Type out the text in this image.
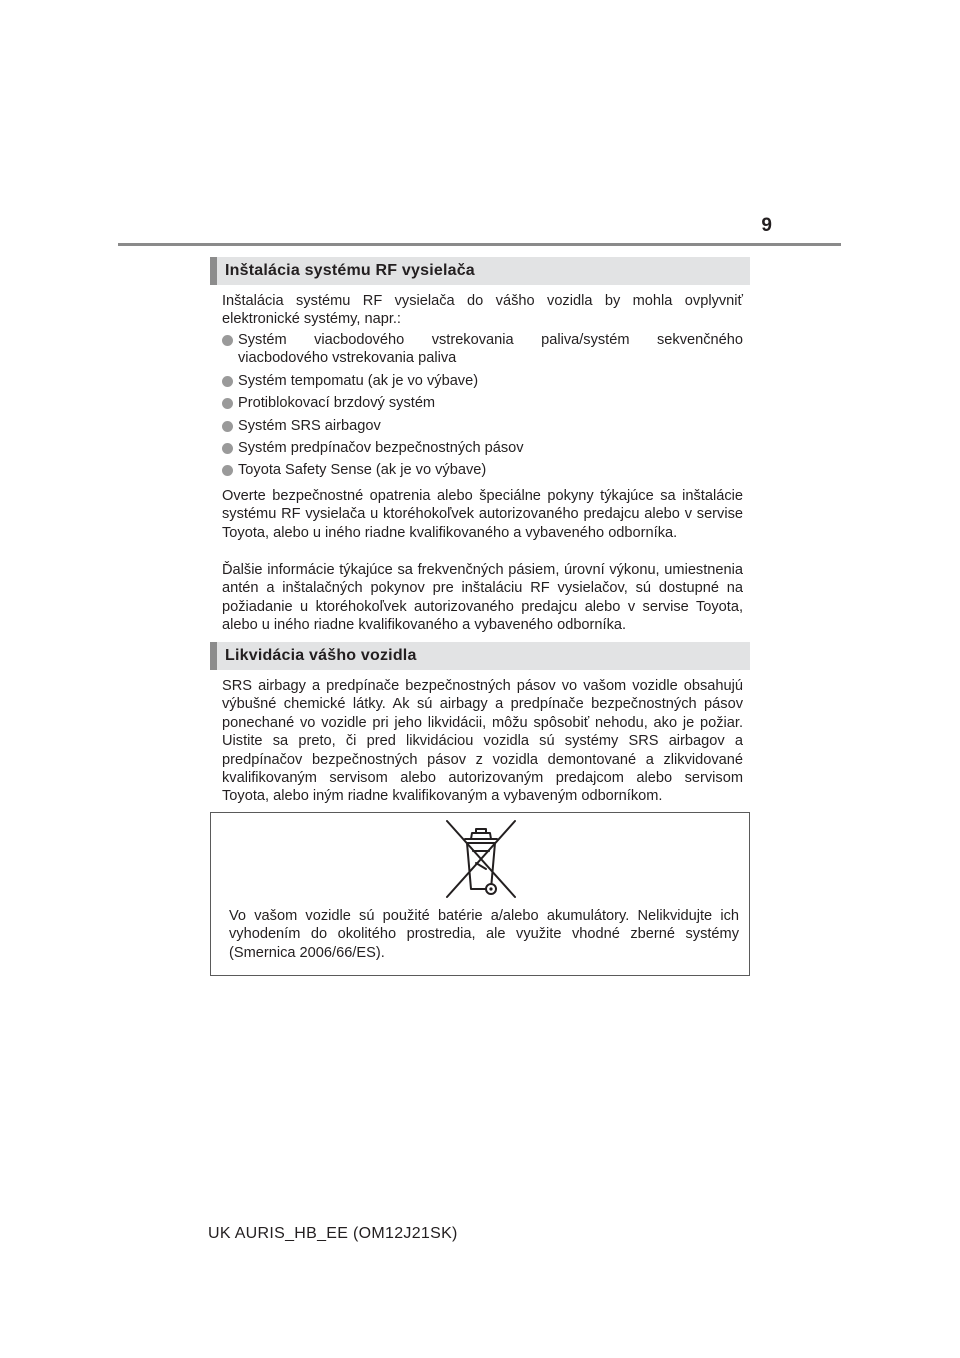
9
Inštalácia systému RF vysielača

Inštalácia systému RF vysielača do vášho vozidla by mohla ovplyvniť elektronické systémy, napr.:

Systém viacbodového vstrekovania paliva/systém sekvenčného viacbodového vstrekovania paliva
Systém tempomatu (ak je vo výbave)
Protiblokovací brzdový systém
Systém SRS airbagov
Systém predpínačov bezpečnostných pásov
Toyota Safety Sense (ak je vo výbave)

Overte bezpečnostné opatrenia alebo špeciálne pokyny týkajúce sa inštalácie systému RF vysielača u ktoréhokoľvek autorizovaného predajcu alebo v servise Toyota, alebo u iného riadne kvalifikovaného a vybaveného odborníka.

Ďalšie informácie týkajúce sa frekvenčných pásiem, úrovní výkonu, umiestnenia antén a inštalačných pokynov pre inštaláciu RF vysielačov, sú dostupné na požiadanie u ktoréhokoľvek autorizovaného predajcu alebo v servise Toyota, alebo u iného riadne kvalifikovaného a vybaveného odborníka.

Likvidácia vášho vozidla

SRS airbagy a predpínače bezpečnostných pásov vo vašom vozidle obsahujú výbušné chemické látky. Ak sú airbagy a predpínače bezpečnostných pásov ponechané vo vozidle pri jeho likvidácii, môžu spôsobiť nehodu, ako je požiar. Uistite sa preto, či pred likvidáciou vozidla sú systémy SRS airbagov a predpínačov bezpečnostných pásov z vozidla demontované a zlikvidované kvalifikovaným servisom alebo autorizovaným predajcom alebo servisom Toyota, alebo iným riadne kvalifikovaným a vybaveným odborníkom.

Vo vašom vozidle sú použité batérie a/alebo akumulátory. Nelikvidujte ich vyhodením do okolitého prostredia, ale využite vhodné zberné systémy (Smernica 2006/66/ES).

UK AURIS_HB_EE (OM12J21SK)
